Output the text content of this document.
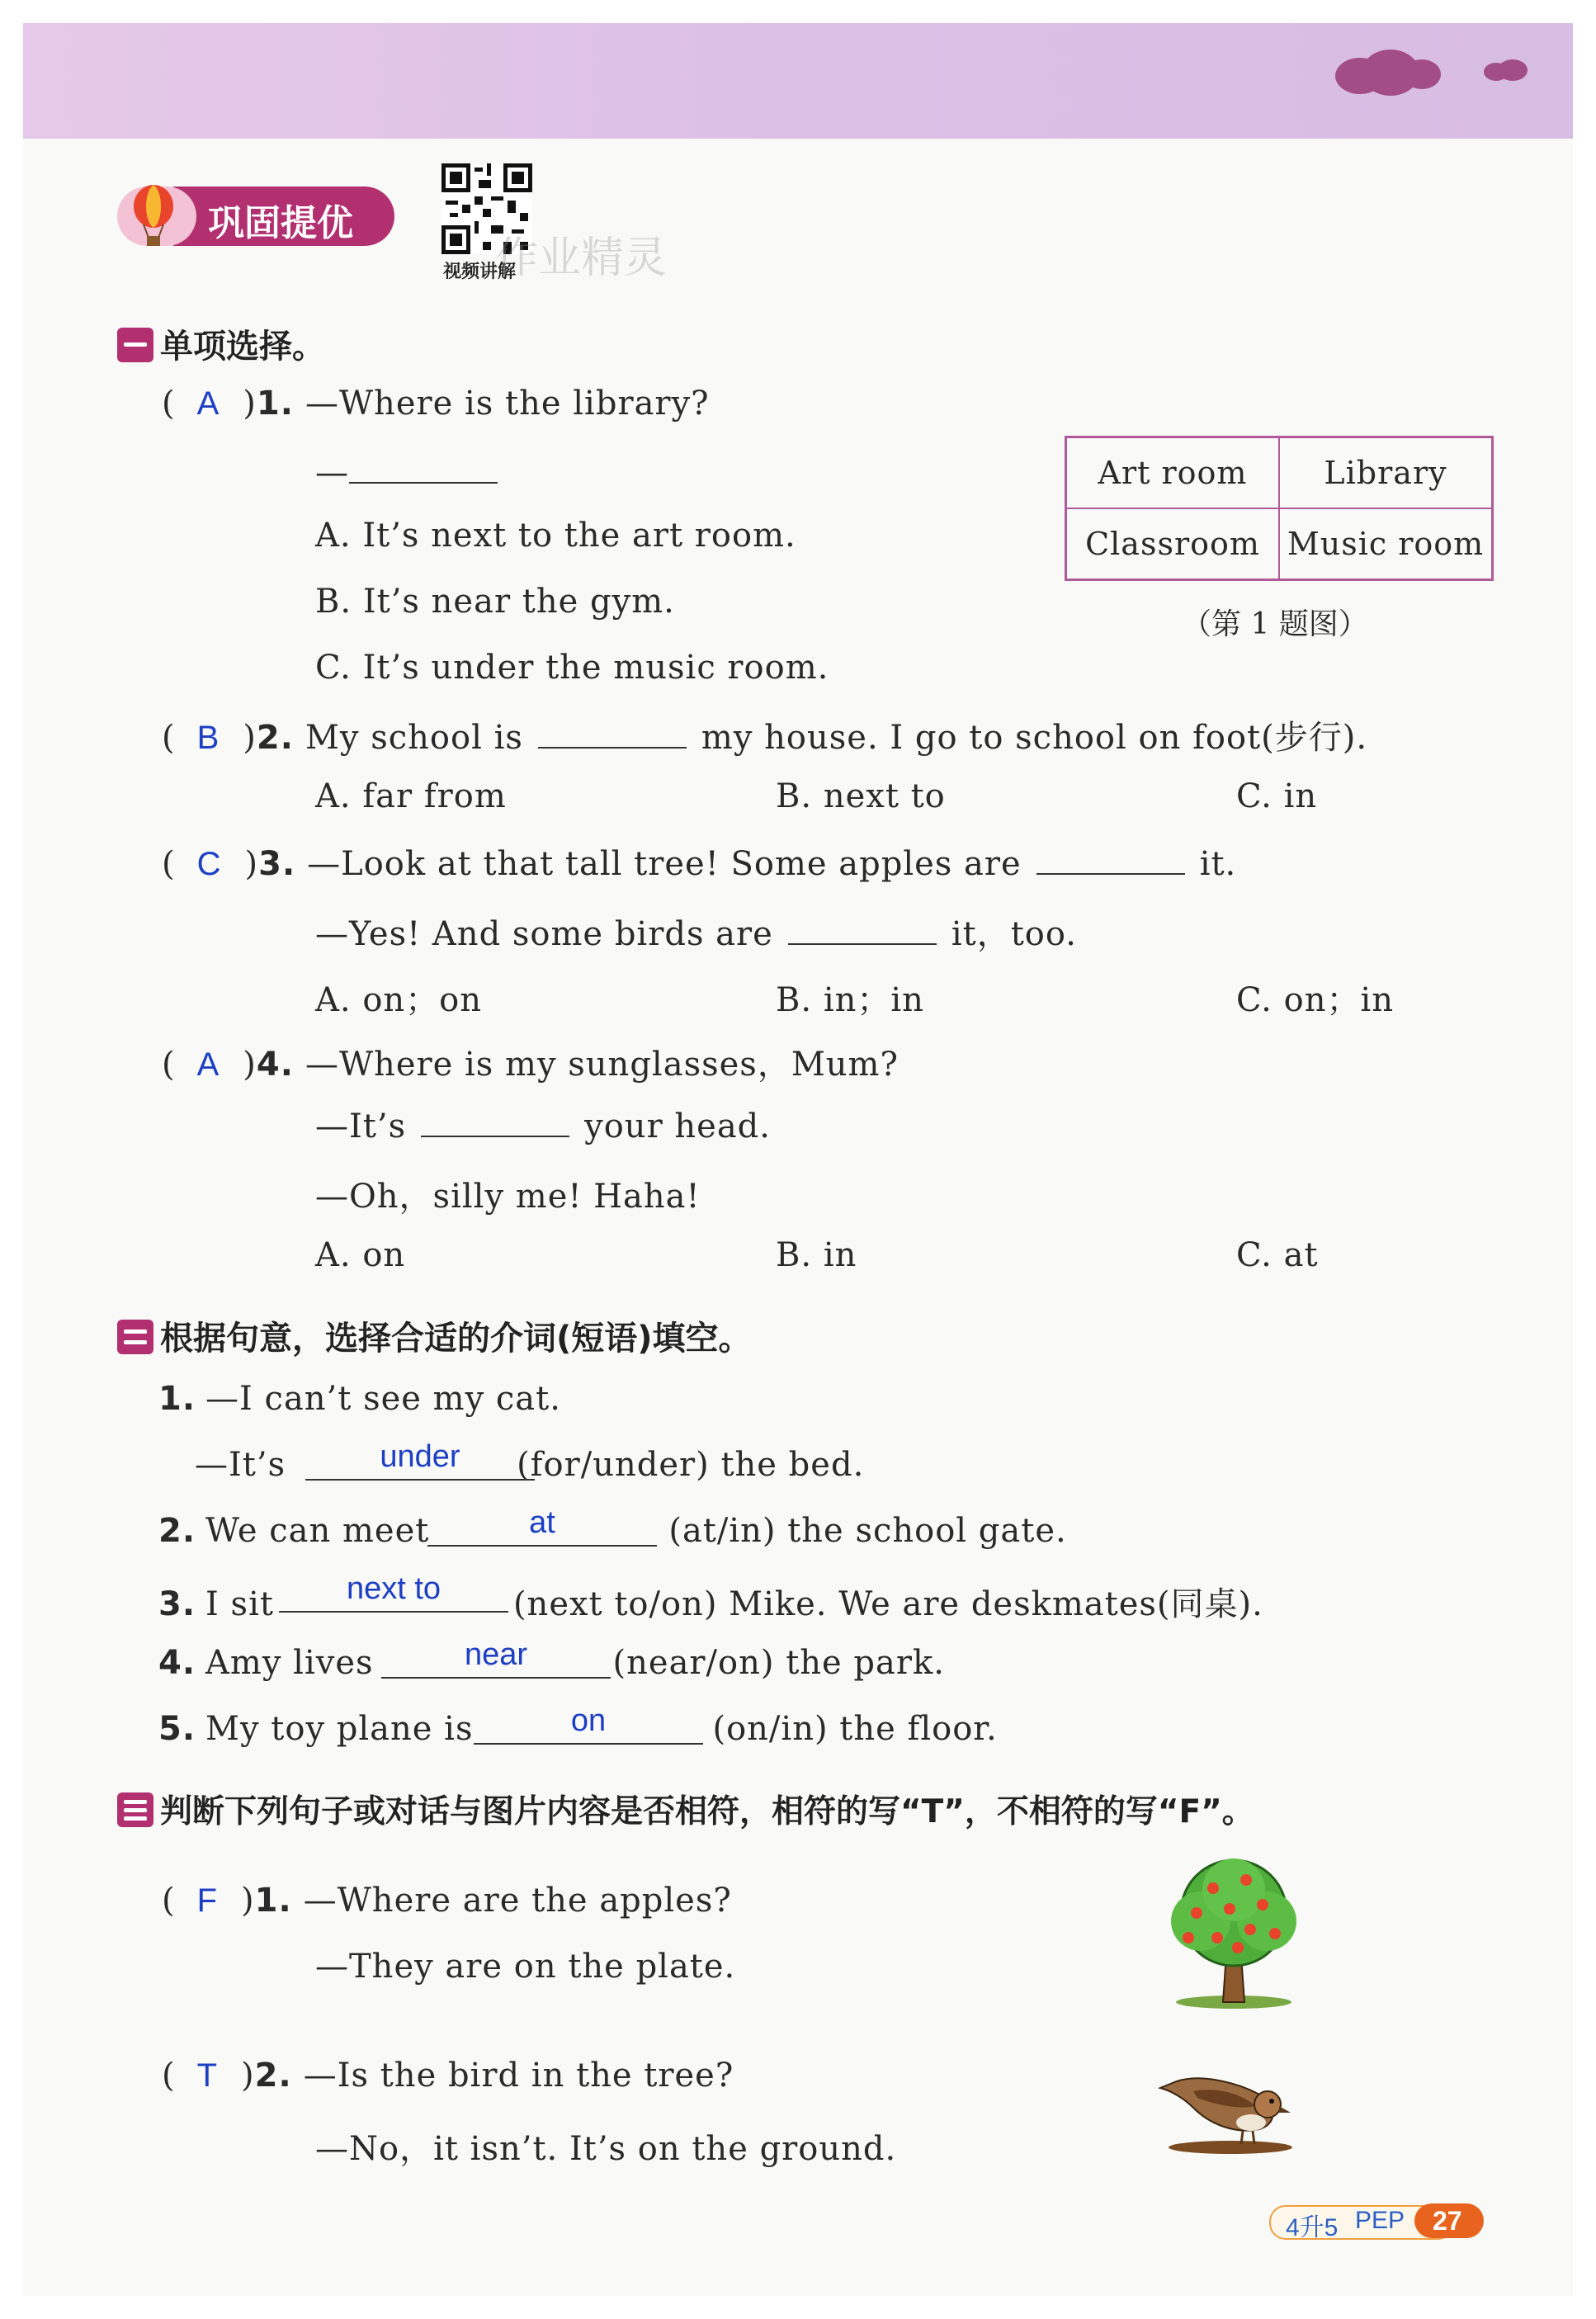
巩固提优
视频讲解
作业精灵
单项选择。
( A )1. —Where is the library?
—
A. It’s next to the art room.
B. It’s near the gym.
C. It’s under the music room.
Art room	Library
Classroom	Music room
（第 1 题图）
( B )2. My school is	my house. I go to school on foot(步行).
A. far from	B. next to	C. in
( C )3. —Look at that tall tree! Some apples are	it.
—Yes! And some birds are	it，too.
A. on；on	B. in；in	C. on；in
( A )4. —Where is my sunglasses，Mum?
—It’s	your head.
—Oh，silly me! Haha!
A. on	B. in	C. at
根据句意，选择合适的介词(短语)填空。
1. —I can’t see my cat.
—It’s	(for/under) the bed.
under
2. We can meet	(at/in) the school gate.
at
3. I sit	(next to/on) Mike. We are deskmates(同桌).
next to
4. Amy lives	(near/on) the park.
near
5. My toy plane is	(on/in) the floor.
on
判断下列句子或对话与图片内容是否相符，相符的写“T”，不相符的写“F”。
( F )1. —Where are the apples?
—They are on the plate.
( T )2. —Is the bird in the tree?
—No，it isn’t. It’s on the ground.
4升5 PEP 27
